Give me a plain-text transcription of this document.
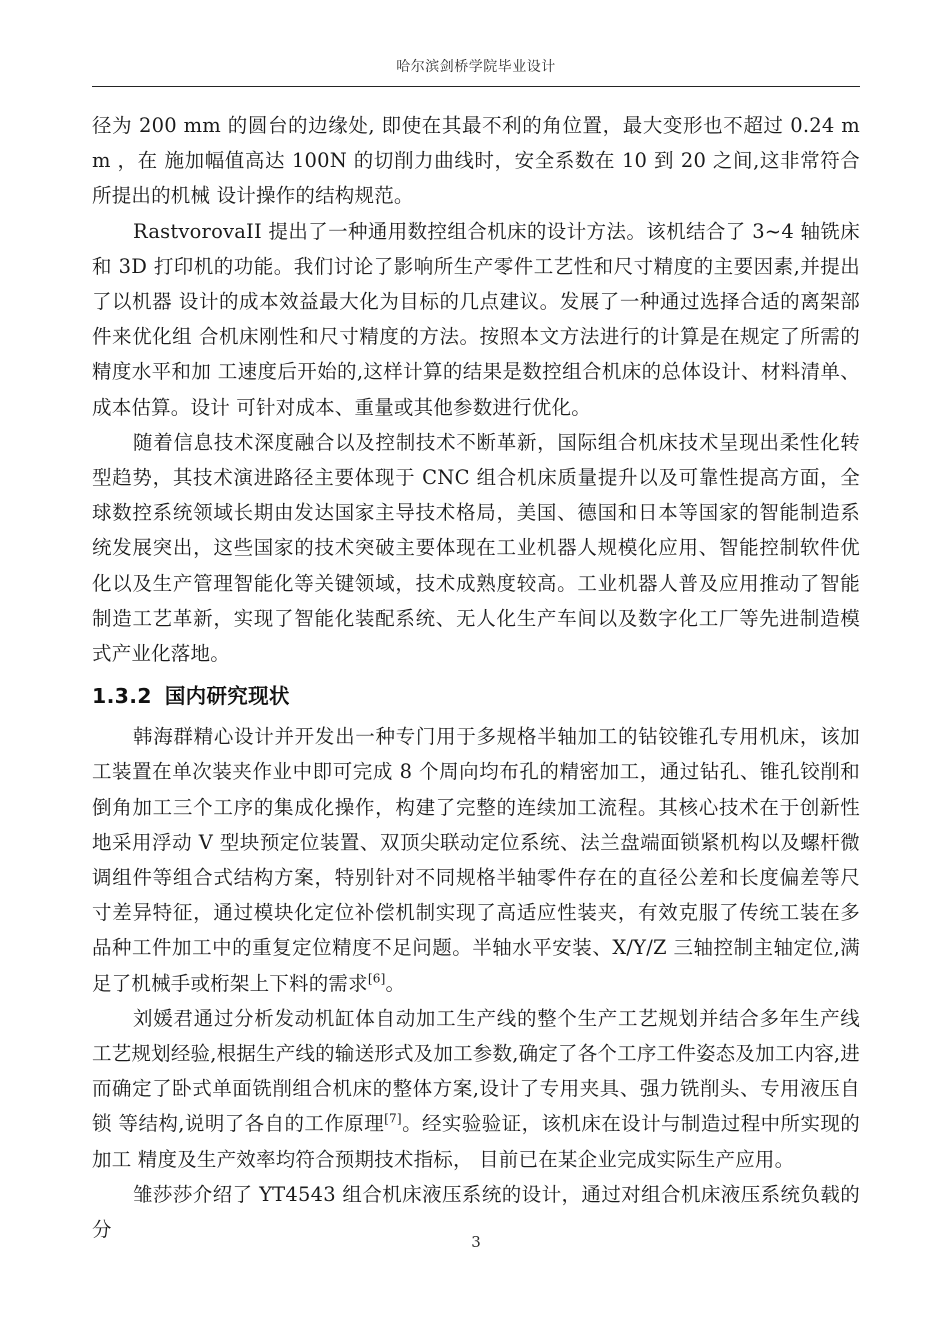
哈尔滨剑桥学院毕业设计

径为 200 mm 的圆台的边缘处, 即使在其最不利的角位置，最大变形也不超过 0.24 mm ，在 施加幅值高达 100N 的切削力曲线时，安全系数在 10 到 20 之间,这非常符合所提出的机械 设计操作的结构规范。

RastvorovaII 提出了一种通用数控组合机床的设计方法。该机结合了 3~4 轴铣床和 3D 打印机的功能。我们讨论了影响所生产零件工艺性和尺寸精度的主要因素,并提出了以机器 设计的成本效益最大化为目标的几点建议。发展了一种通过选择合适的离架部件来优化组 合机床刚性和尺寸精度的方法。按照本文方法进行的计算是在规定了所需的精度水平和加 工速度后开始的,这样计算的结果是数控组合机床的总体设计、材料清单、成本估算。设计 可针对成本、重量或其他参数进行优化。

随着信息技术深度融合以及控制技术不断革新，国际组合机床技术呈现出柔性化转型趋势，其技术演进路径主要体现于 CNC 组合机床质量提升以及可靠性提高方面，全球数控系统领域长期由发达国家主导技术格局，美国、德国和日本等国家的智能制造系统发展突出，这些国家的技术突破主要体现在工业机器人规模化应用、智能控制软件优化以及生产管理智能化等关键领域，技术成熟度较高。工业机器人普及应用推动了智能制造工艺革新，实现了智能化装配系统、无人化生产车间以及数字化工厂等先进制造模式产业化落地。

1.3.2 国内研究现状

韩海群精心设计并开发出一种专门用于多规格半轴加工的钻铰锥孔专用机床，该加工装置在单次装夹作业中即可完成 8 个周向均布孔的精密加工，通过钻孔、锥孔铰削和倒角加工三个工序的集成化操作，构建了完整的连续加工流程。其核心技术在于创新性地采用浮动 V 型块预定位装置、双顶尖联动定位系统、法兰盘端面锁紧机构以及螺杆微调组件等组合式结构方案，特别针对不同规格半轴零件存在的直径公差和长度偏差等尺寸差异特征，通过模块化定位补偿机制实现了高适应性装夹，有效克服了传统工装在多品种工件加工中的重复定位精度不足问题。半轴水平安装、X/Y/Z 三轴控制主轴定位,满足了机械手或桁架上下料的需求[6]。

刘媛君通过分析发动机缸体自动加工生产线的整个生产工艺规划并结合多年生产线工艺规划经验,根据生产线的输送形式及加工参数,确定了各个工序工件姿态及加工内容,进而确定了卧式单面铣削组合机床的整体方案,设计了专用夹具、强力铣削头、专用液压自锁 等结构,说明了各自的工作原理[7]。经实验验证，该机床在设计与制造过程中所实现的加工 精度及生产效率均符合预期技术指标， 目前已在某企业完成实际生产应用。

雏莎莎介绍了 YT4543 组合机床液压系统的设计，通过对组合机床液压系统负载的分

3
